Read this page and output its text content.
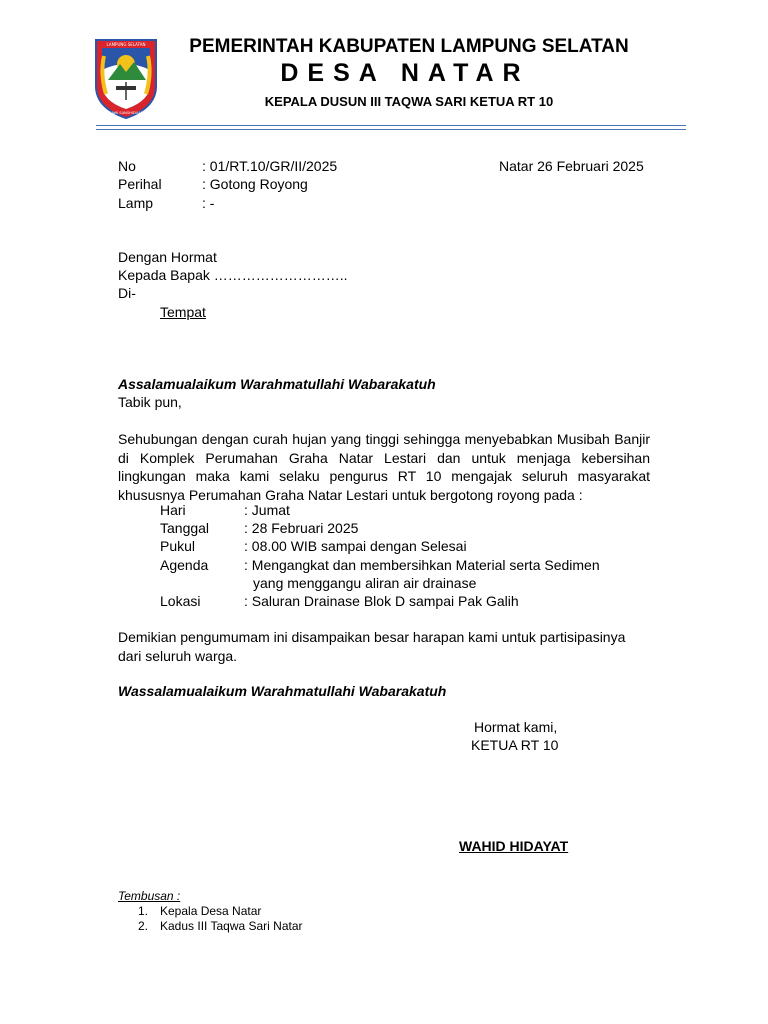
LAMPUNG SELATAN
GAWI SANGHIDUAN
PEMERINTAH KABUPATEN LAMPUNG SELATAN
DESA NATAR
KEPALA DUSUN III TAQWA SARI KETUA RT 10
No	: 01/RT.10/GR/II/2025	Natar 26 Februari 2025
Perihal	: Gotong Royong
Lamp	: -
Dengan Hormat
Kepada Bapak ………………………..
Di-
Tempat
Assalamualaikum Warahmatullahi Wabarakatuh
Tabik pun,
Sehubungan dengan curah hujan yang tinggi sehingga menyebabkan Musibah Banjir
di Komplek Perumahan Graha Natar Lestari dan untuk menjaga kebersihan
lingkungan maka kami selaku pengurus RT 10 mengajak seluruh masyarakat
khususnya Perumahan Graha Natar Lestari untuk bergotong royong pada :
Hari	: Jumat
Tanggal : 28 Februari 2025
Pukul	: 08.00 WIB sampai dengan Selesai
Agenda	: Mengangkat dan membersihkan Material serta Sedimen
yang menggangu aliran air drainase
Lokasi	: Saluran Drainase Blok D sampai Pak Galih
Demikian pengumumam ini disampaikan besar harapan kami untuk partisipasinya
dari seluruh warga.
Wassalamualaikum Warahmatullahi Wabarakatuh
Hormat kami,
KETUA RT 10
WAHID HIDAYAT
Tembusan :
1. Kepala Desa Natar
2. Kadus III Taqwa Sari Natar
